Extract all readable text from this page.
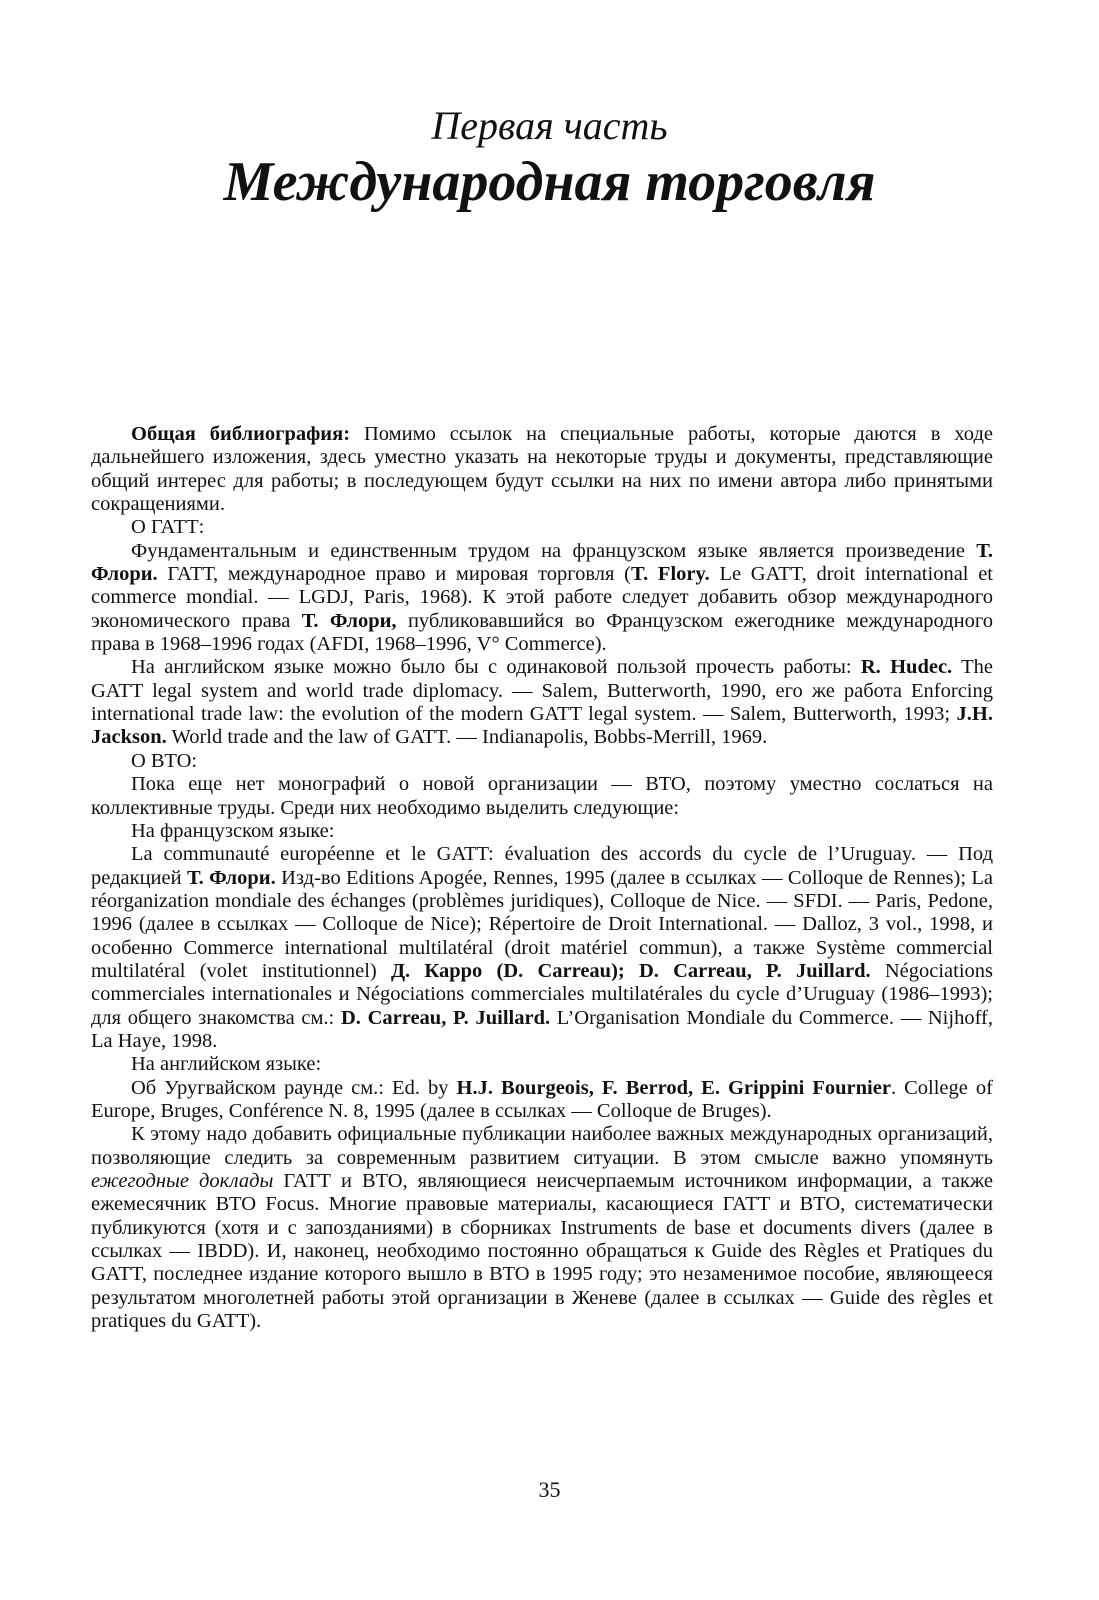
Первая часть
Международная торговля

Общая библиография: Помимо ссылок на специальные работы, которые даются в ходе дальнейшего изложения, здесь уместно указать на некоторые труды и документы, представляющие общий интерес для работы; в последующем будут ссылки на них по имени автора либо принятыми сокращениями.

О ГАТТ:

Фундаментальным и единственным трудом на французском языке является произведение Т. Флори. ГАТТ, международное право и мировая торговля (T. Flory. Le GATT, droit international et commerce mondial. — LGDJ, Paris, 1968). К этой работе следует добавить обзор международного экономического права Т. Флори, публиковавшийся во Французском ежегоднике международного права в 1968–1996 годах (AFDI, 1968–1996, V° Commerce).

На английском языке можно было бы с одинаковой пользой прочесть работы: R. Hudec. The GATT legal system and world trade diplomacy. — Salem, Butterworth, 1990, его же работа Enforcing international trade law: the evolution of the modern GATT legal system. — Salem, Butterworth, 1993; J.H. Jackson. World trade and the law of GATT. — Indianapolis, Bobbs-Merrill, 1969.

О ВТО:

Пока еще нет монографий о новой организации — ВТО, поэтому уместно сослаться на коллективные труды. Среди них необходимо выделить следующие:

На французском языке:

La communauté européenne et le GATT: évaluation des accords du cycle de l’Uruguay. — Под редакцией Т. Флори. Изд-во Editions Apogée, Rennes, 1995 (далее в ссылках — Colloque de Rennes); La réorganization mondiale des échanges (problèmes juridiques), Colloque de Nice. — SFDI. — Paris, Pedone, 1996 (далее в ссылках — Colloque de Nice); Répertoire de Droit International. — Dalloz, 3 vol., 1998, и особенно Commerce international multilatéral (droit matériel commun), а также Système commercial multilatéral (volet institutionnel) Д. Карро (D. Carreau); D. Carreau, P. Juillard. Négociations commerciales internationales и Négociations commerciales multilatérales du cycle d’Uruguay (1986–1993); для общего знакомства см.: D. Carreau, P. Juillard. L’Organisation Mondiale du Commerce. — Nijhoff, La Haye, 1998.

На английском языке:

Об Уругвайском раунде см.: Ed. by H.J. Bourgeois, F. Berrod, E. Grippini Fournier. College of Europe, Bruges, Conférence N. 8, 1995 (далее в ссылках — Colloque de Bruges).

К этому надо добавить официальные публикации наиболее важных международных организаций, позволяющие следить за современным развитием ситуации. В этом смысле важно упомянуть ежегодные доклады ГАТТ и ВТО, являющиеся неисчерпаемым источником информации, а также ежемесячник ВТО Focus. Многие правовые материалы, касающиеся ГАТТ и ВТО, систематически публикуются (хотя и с запозданиями) в сборниках Instruments de base et documents divers (далее в ссылках — IBDD). И, наконец, необходимо постоянно обращаться к Guide des Règles et Pratiques du GATT, последнее издание которого вышло в ВТО в 1995 году; это незаменимое пособие, являющееся результатом многолетней работы этой организации в Женеве (далее в ссылках — Guide des règles et pratiques du GATT).

35
